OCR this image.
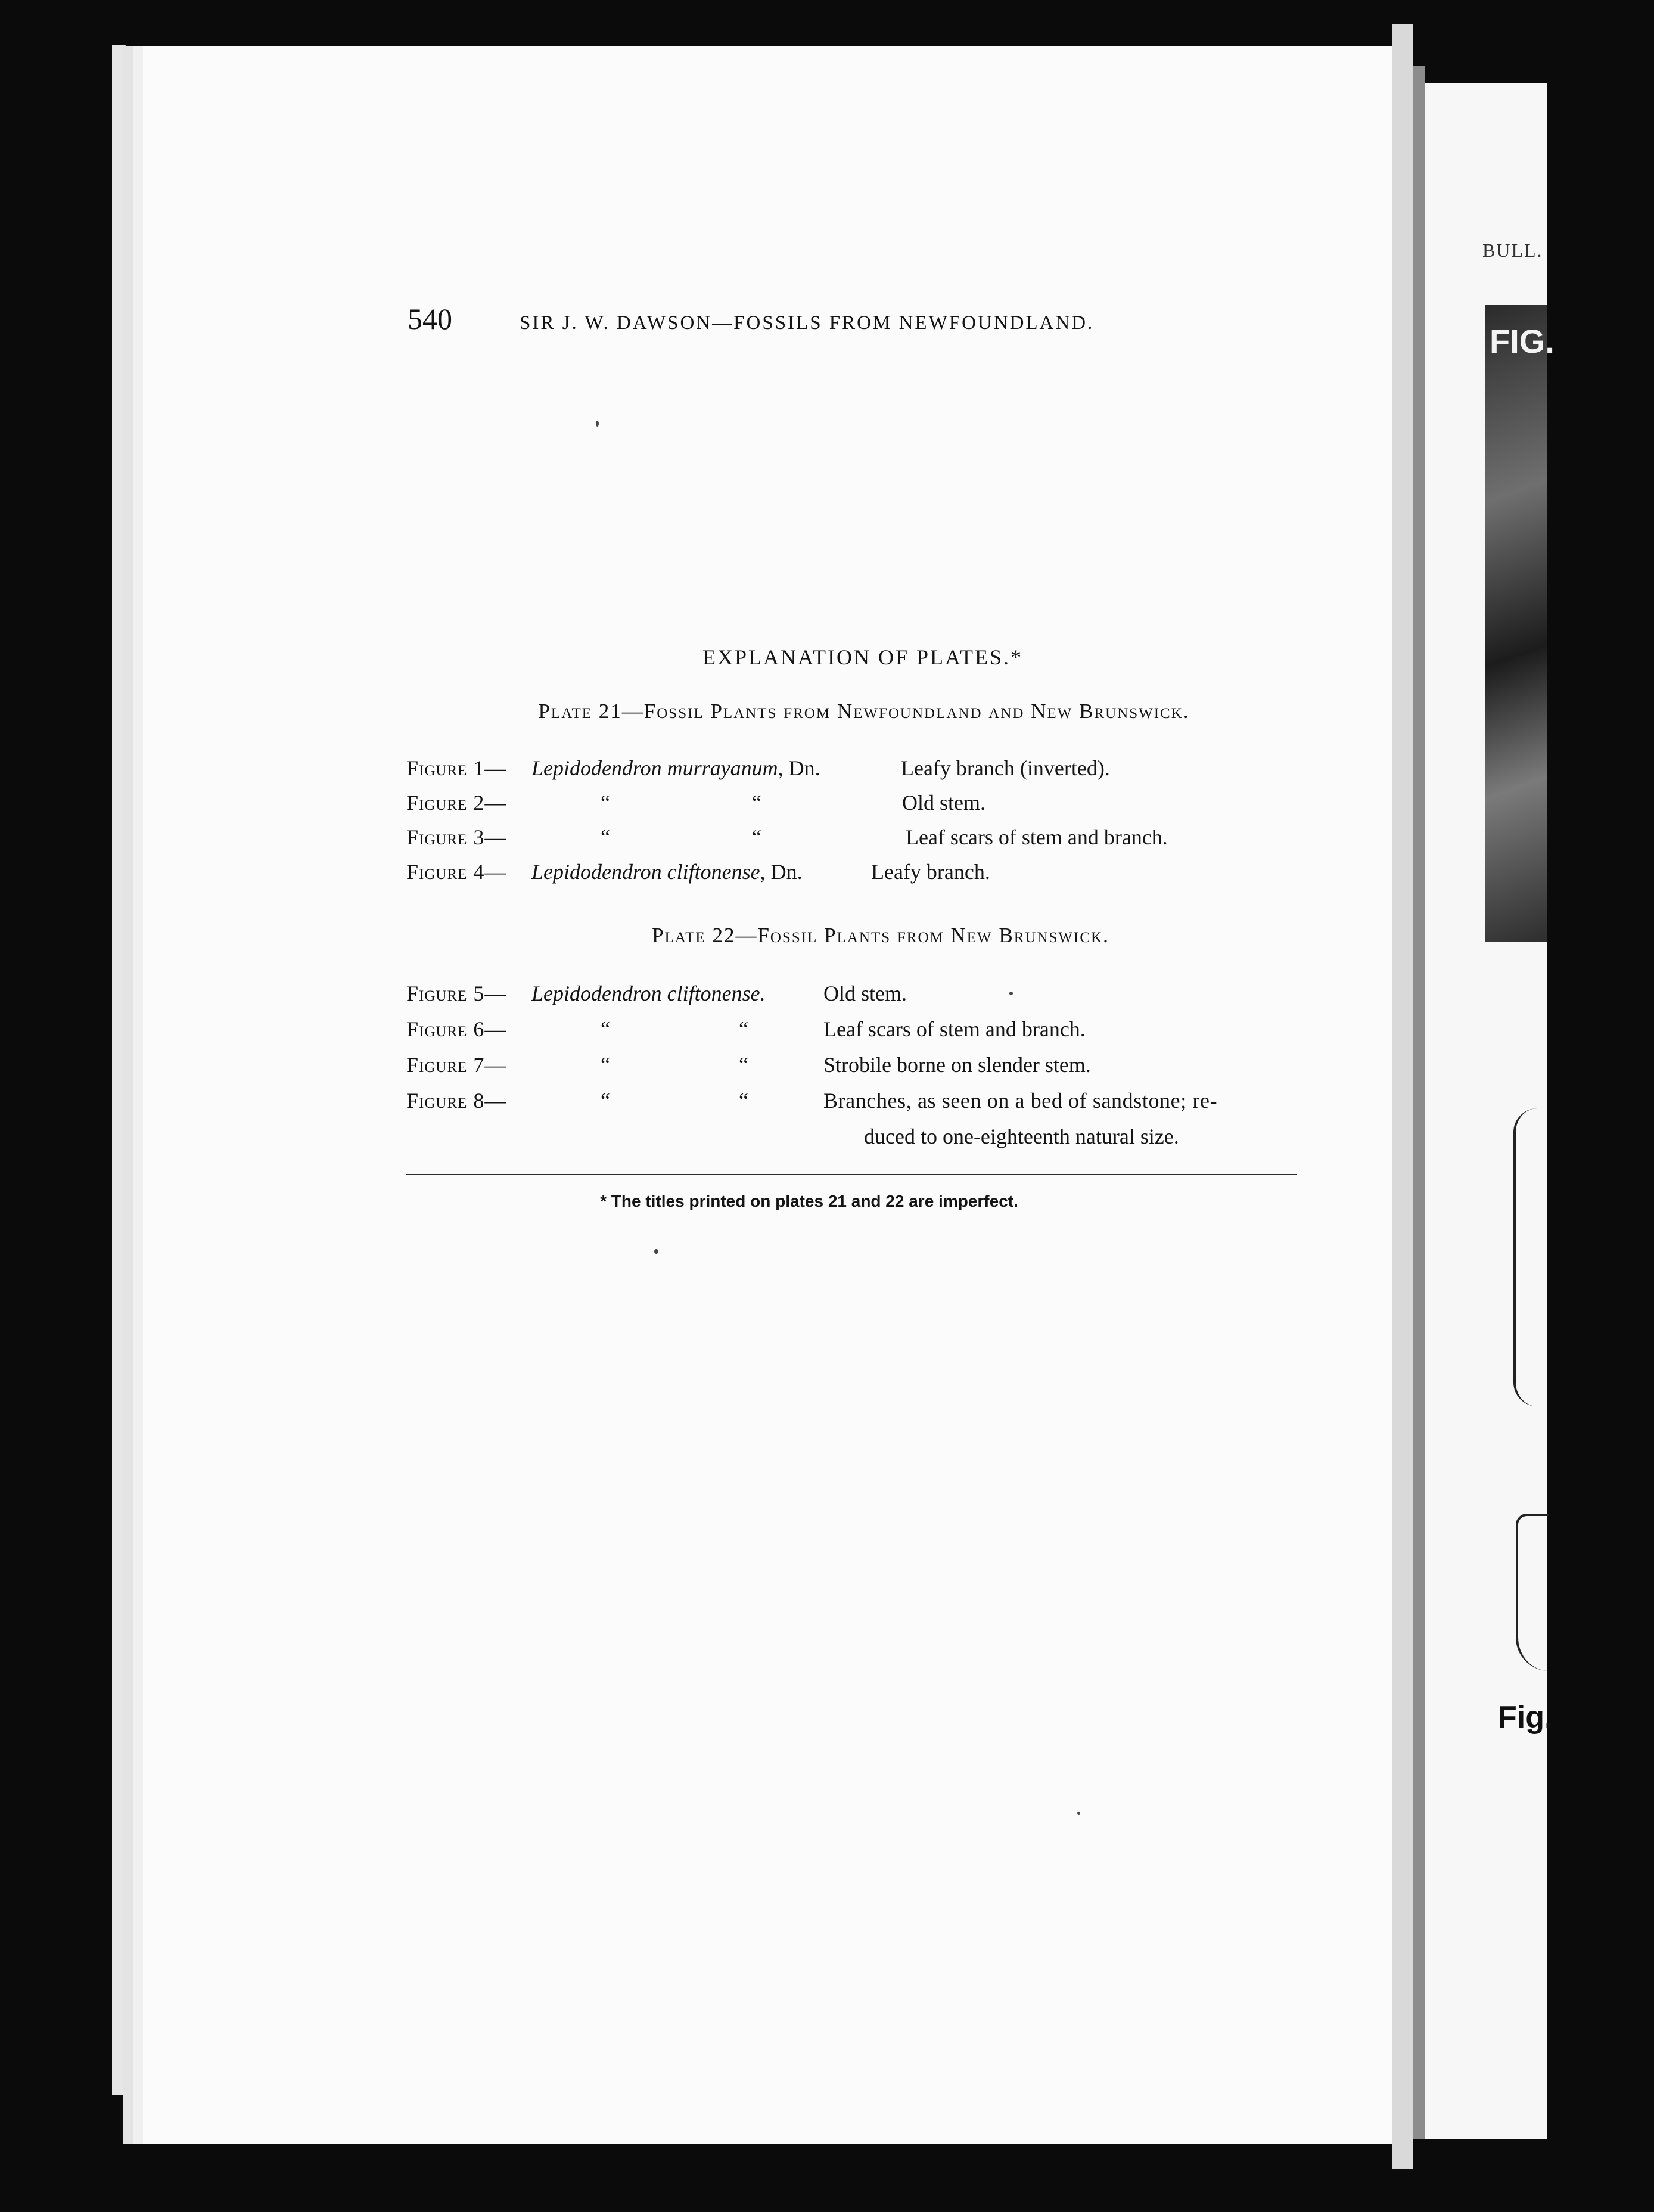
BULL.
FIG.
Fig.
540	SIR J. W. DAWSON—FOSSILS FROM NEWFOUNDLAND.
EXPLANATION OF PLATES.*
Plate 21—Fossil Plants from Newfoundland and New Brunswick.
Figure 1— Lepidodendron murrayanum, Dn.	Leafy branch (inverted).
Figure 2—	“	“	Old stem.
Figure 3—	“	“	Leaf scars of stem and branch.
Figure 4— Lepidodendron cliftonense, Dn.	Leafy branch.
Plate 22—Fossil Plants from New Brunswick.
Figure 5— Lepidodendron cliftonense.	Old stem.
Figure 6—	“	“	Leaf scars of stem and branch.
Figure 7—	“	“	Strobile borne on slender stem.
Figure 8—	“	“	Branches, as seen on a bed of sandstone; re-
duced to one-eighteenth natural size.
* The titles printed on plates 21 and 22 are imperfect.
